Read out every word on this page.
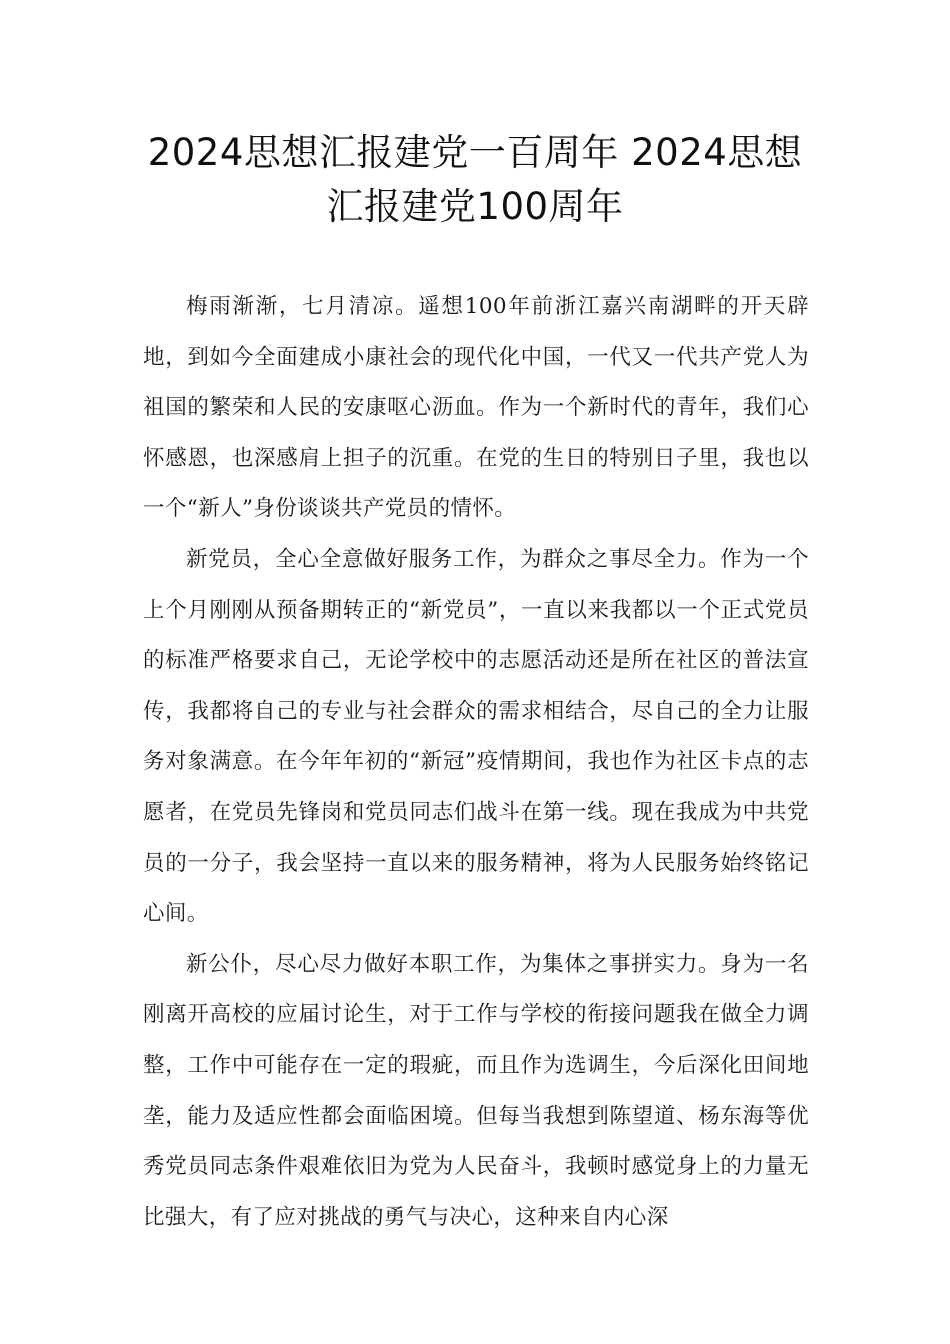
2024思想汇报建党一百周年 2024思想
汇报建党100周年

梅雨渐渐，七月清凉。遥想100年前浙江嘉兴南湖畔的开天辟地，到如今全面建成小康社会的现代化中国，一代又一代共产党人为祖国的繁荣和人民的安康呕心沥血。作为一个新时代的青年，我们心怀感恩，也深感肩上担子的沉重。在党的生日的特别日子里，我也以一个“新人”身份谈谈共产党员的情怀。

新党员，全心全意做好服务工作，为群众之事尽全力。作为一个上个月刚刚从预备期转正的“新党员”，一直以来我都以一个正式党员的标准严格要求自己，无论学校中的志愿活动还是所在社区的普法宣传，我都将自己的专业与社会群众的需求相结合，尽自己的全力让服务对象满意。在今年年初的“新冠”疫情期间，我也作为社区卡点的志愿者，在党员先锋岗和党员同志们战斗在第一线。现在我成为中共党员的一分子，我会坚持一直以来的服务精神，将为人民服务始终铭记心间。

新公仆，尽心尽力做好本职工作，为集体之事拼实力。身为一名刚离开高校的应届讨论生，对于工作与学校的衔接问题我在做全力调整，工作中可能存在一定的瑕疵，而且作为选调生，今后深化田间地垄，能力及适应性都会面临困境。但每当我想到陈望道、杨东海等优秀党员同志条件艰难依旧为党为人民奋斗，我顿时感觉身上的力量无比强大，有了应对挑战的勇气与决心，这种来自内心深
